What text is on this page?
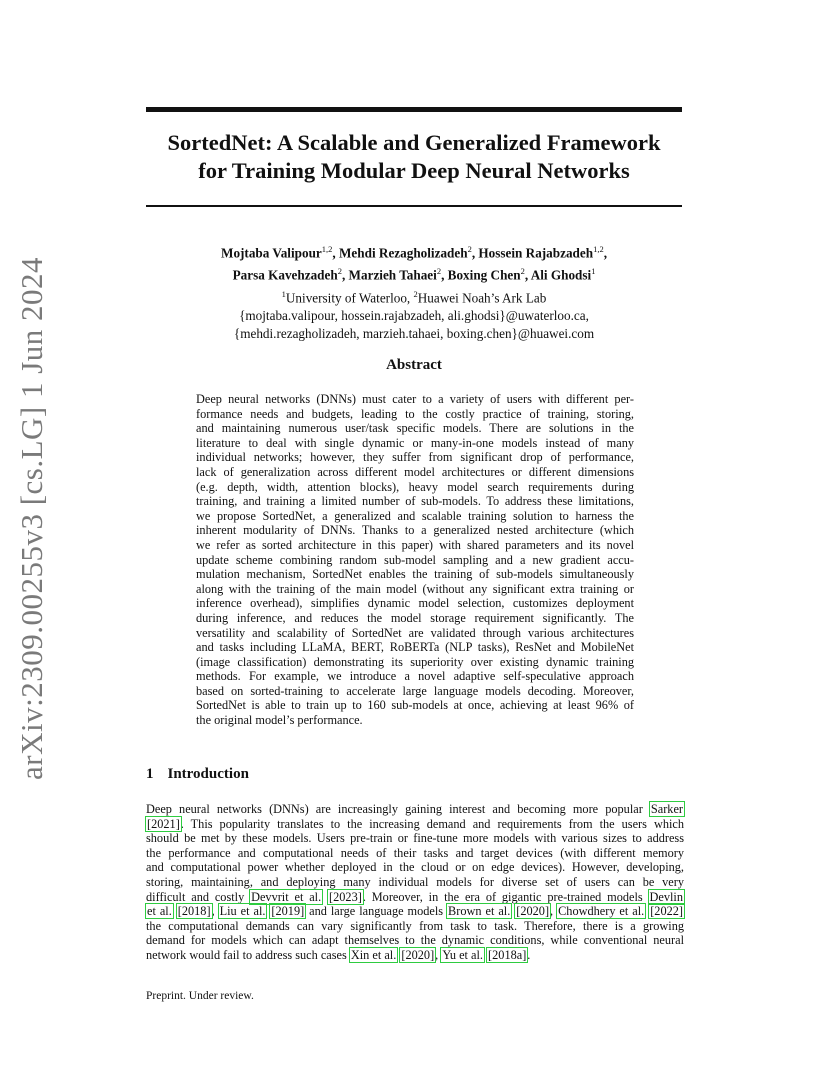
arXiv:2309.00255v3 [cs.LG] 1 Jun 2024
SortedNet: A Scalable and Generalized Framework
for Training Modular Deep Neural Networks
Mojtaba Valipour$^{1,2}$, Mehdi Rezagholizadeh$^2$, Hossein Rajabzadeh$^{1,2}$,
Parsa Kavehzadeh$^2$, Marzieh Tahaei$^2$, Boxing Chen$^2$, Ali Ghodsi$^1$
$^1$University of Waterloo, $^2$Huawei Noah’s Ark Lab
{mojtaba.valipour, hossein.rajabzadeh, ali.ghodsi}@uwaterloo.ca,
{mehdi.rezagholizadeh, marzieh.tahaei, boxing.chen}@huawei.com
Abstract
Deep neural networks (DNNs) must cater to a variety of users with different per-
formance needs and budgets, leading to the costly practice of training, storing,
and maintaining numerous user/task specific models. There are solutions in the
literature to deal with single dynamic or many-in-one models instead of many
individual networks; however, they suffer from significant drop of performance,
lack of generalization across different model architectures or different dimensions
(e.g. depth, width, attention blocks), heavy model search requirements during
training, and training a limited number of sub-models. To address these limitations,
we propose SortedNet, a generalized and scalable training solution to harness the
inherent modularity of DNNs. Thanks to a generalized nested architecture (which
we refer as sorted architecture in this paper) with shared parameters and its novel
update scheme combining random sub-model sampling and a new gradient accu-
mulation mechanism, SortedNet enables the training of sub-models simultaneously
along with the training of the main model (without any significant extra training or
inference overhead), simplifies dynamic model selection, customizes deployment
during inference, and reduces the model storage requirement significantly. The
versatility and scalability of SortedNet are validated through various architectures
and tasks including LLaMA, BERT, RoBERTa (NLP tasks), ResNet and MobileNet
(image classification) demonstrating its superiority over existing dynamic training
methods. For example, we introduce a novel adaptive self-speculative approach
based on sorted-training to accelerate large language models decoding. Moreover,
SortedNet is able to train up to 160 sub-models at once, achieving at least 96% of
the original model’s performance.
1 Introduction
Deep neural networks (DNNs) are increasingly gaining interest and becoming more popular Sarker
[2021]. This popularity translates to the increasing demand and requirements from the users which
should be met by these models. Users pre-train or fine-tune more models with various sizes to address
the performance and computational needs of their tasks and target devices (with different memory
and computational power whether deployed in the cloud or on edge devices). However, developing,
storing, maintaining, and deploying many individual models for diverse set of users can be very
difficult and costly Devvrit et al. [2023]. Moreover, in the era of gigantic pre-trained models Devlin
et al. [2018], Liu et al. [2019] and large language models Brown et al. [2020], Chowdhery et al. [2022]
the computational demands can vary significantly from task to task. Therefore, there is a growing
demand for models which can adapt themselves to the dynamic conditions, while conventional neural
network would fail to address such cases Xin et al. [2020], Yu et al. [2018a].
Preprint. Under review.
